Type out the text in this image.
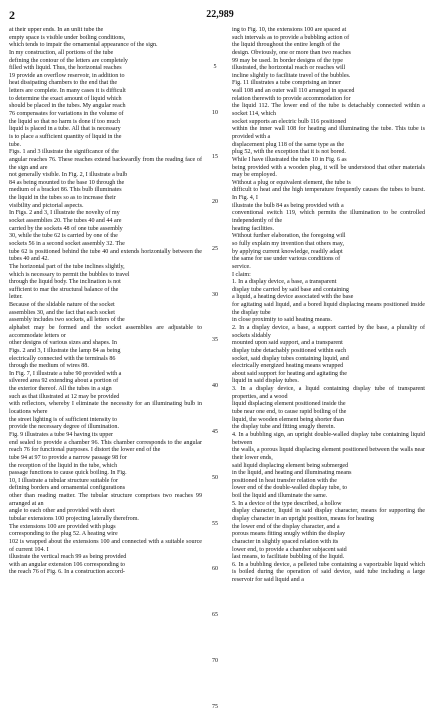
2	22,989
at their upper ends. In an unlit tube the
empty space is visible under boiling conditions,
which tends to impair the ornamental appearance of the sign.
In my construction, all portions of the tube
defining the contour of the letters are completely
filled with liquid. Thus, the horizontal reaches
19 provide an overflow reservoir, in addition to
heat dissipating chambers to the end that the
letters are complete. In many cases it is difficult
to determine the exact amount of liquid which
should be placed in the tubes. My angular reach
76 compensates for variations in the volume of
the liquid so that no harm is done if too much
liquid is placed in a tube. All that is necessary
is to place a sufficient quantity of liquid in the
tube.
Figs. 1 and 3 illustrate the significance of the
angular reaches 76. These reaches extend backwardly from the reading face of the sign and are
not generally visible. In Fig. 2, I illustrate a bulb
84 as being mounted to the base 10 through the
medium of a bracket 86. This bulb illuminates
the liquid in the tubes so as to increase their
visibility and pictorial aspects.
In Figs. 2 and 3, I illustrate the novelty of my
socket assemblies 20. The tubes 40 and 44 are
carried by the sockets 48 of one tube assembly
30, while the tube 62 is carried by one of the
sockets 56 in a second socket assembly 32. The
tube 62 is positioned behind the tube 40 and extends horizontally between the tubes 40 and 42.
The horizontal part of the tube inclines slightly,
which is necessary to permit the bubbles to travel
through the liquid body. The inclination is not
sufficient to mar the structural balance of the
letter.
Because of the slidable nature of the socket
assemblies 30, and the fact that each socket
assembly includes two sockets, all letters of the
alphabet may be formed and the socket assemblies are adjustable to accommodate letters or
other designs of various sizes and shapes. In
Figs. 2 and 3, I illustrate the lamp 84 as being
electrically connected with the terminals 86
through the medium of wires 88.
In Fig. 7, I illustrate a tube 90 provided with a
silvered area 92 extending about a portion of
the exterior thereof. All the tubes in a sign
such as that illustrated at 12 may be provided
with reflectors, whereby I eliminate the necessity for an illuminating bulb in locations where
the street lighting is of sufficient intensity to
provide the necessary degree of illumination.
Fig. 9 illustrates a tube 94 having its upper
end sealed to provide a chamber 96. This chamber corresponds to the angular reach 76 for functional purposes. I distort the lower end of the
tube 94 at 97 to provide a narrow passage 98 for
the reception of the liquid in the tube, which
passage functions to cause quick boiling. In Fig.
10, I illustrate a tubular structure suitable for
defining borders and ornamental configurations
other than reading matter. The tubular structure comprises two reaches 99 arranged at an
angle to each other and provided with short
tubular extensions 100 projecting laterally therefrom.
The extensions 100 are provided with plugs
corresponding to the plug 52. A heating wire
102 is wrapped about the extensions 100 and connected with a suitable source of current 104. I
illustrate the vertical reach 99 as being provided
with an angular extension 106 corresponding to
the reach 76 of Fig. 6. In a construction accord-
5
10
15
20
25
30
35
40
45
50
55
60
65
70
75
ing to Fig. 10, the extensions 100 are spaced at
such intervals as to provide a bubbling action of
the liquid throughout the entire length of the
design. Obviously, one or more than two reaches
99 may be used. In border designs of the type
illustrated, the horizontal reach or reaches will
incline slightly to facilitate travel of the bubbles.
Fig. 11 illustrates a tube comprising an inner
wall 108 and an outer wall 110 arranged in spaced
relation therewith to provide accommodation for
the liquid 112. The lower end of the tube is detachably connected within a socket 114, which
socket supports an electric bulb 116 positioned
within the inner wall 108 for heating and illuminating the tube. This tube is provided with a
displacement plug 118 of the same type as the
plug 52, with the exception that it is not bored.
While I have illustrated the tube 10 in Fig. 6 as
being provided with a wooden plug, it will be understood that other materials may be employed.
Without a plug or equivalent element, the tube is
difficult to heat and the high temperature frequently causes the tubes to burst. In Fig. 4, I
illustrate the bulb 84 as being provided with a
conventional switch 119, which permits the illumination to be controlled independently of the
heating facilities.
Without further elaboration, the foregoing will
so fully explain my invention that others may,
by applying current knowledge, readily adapt
the same for use under various conditions of
service.
I claim:
1. In a display device, a base, a transparent
display tube carried by said base and containing
a liquid, a heating device associated with the base
for agitating said liquid, and a bored liquid displacing means positioned inside the display tube
in close proximity to said heating means.
2. In a display device, a base, a support carried by the base, a plurality of sockets slidably
mounted upon said support, and a transparent
display tube detachably positioned within each
socket, said display tubes containing liquid, and
electrically energized heating means wrapped
about said support for heating and agitating the
liquid in said display tubes.
3. In a display device, a liquid containing display tube of transparent properties, and a wood
liquid displacing element positioned inside the
tube near one end, to cause rapid boiling of the
liquid, the wooden element being shorter than
the display tube and fitting snugly therein.
4. In a bubbling sign, an upright double-walled display tube containing liquid between
the walls, a porous liquid displacing element positioned between the walls near their lower ends,
said liquid displacing element being submerged
in the liquid, and heating and illuminating means
positioned in heat transfer relation with the
lower end of the double-walled display tube, to
boil the liquid and illuminate the same.
5. In a device of the type described, a hollow
display character, liquid in said display character, means for supporting the display character in an upright position, means for heating
the lower end of the display character, and a
porous means fitting snugly within the display
character in slightly spaced relation with its
lower end, to provide a chamber subjacent said
last means, to facilitate bubbling of the liquid.
6. In a bubbling device, a pelleted tube containing a vaporizable liquid which is boiled during the operation of said device, said tube including a large reservoir for said liquid and a
